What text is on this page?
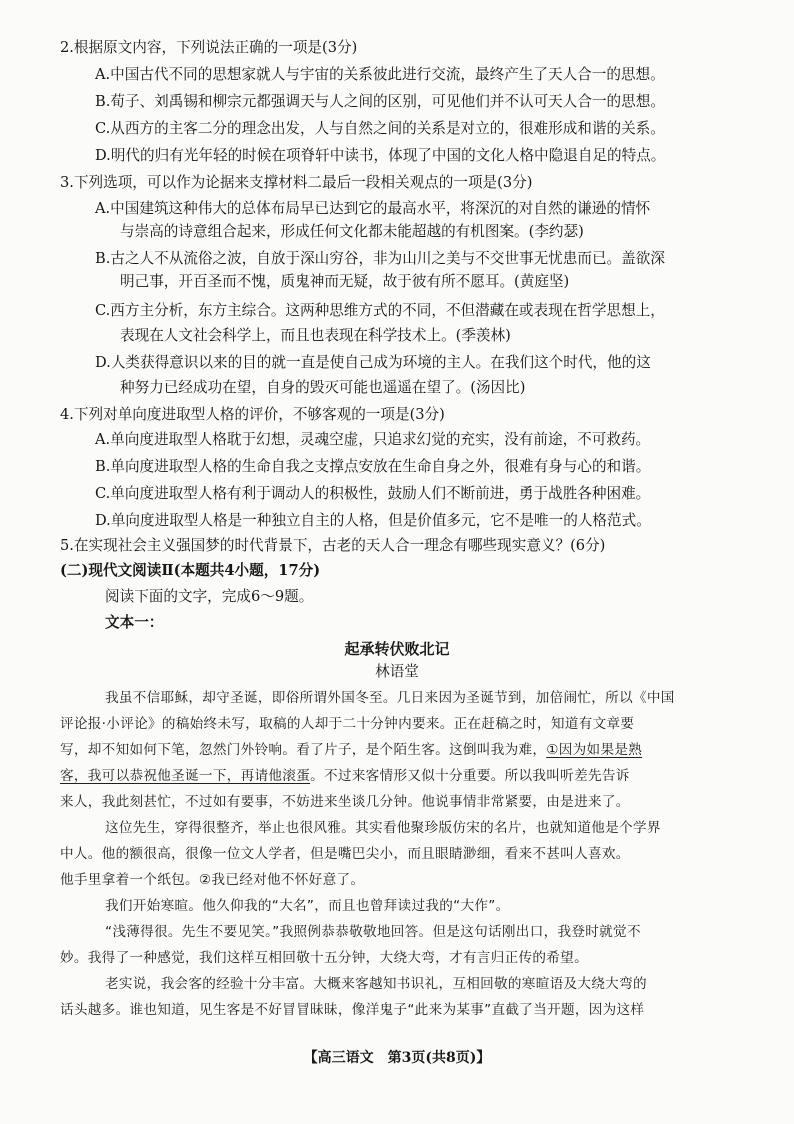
2.根据原文内容，下列说法正确的一项是(3分)
A.中国古代不同的思想家就人与宇宙的关系彼此进行交流，最终产生了天人合一的思想。
B.荀子、刘禹锡和柳宗元都强调天与人之间的区别，可见他们并不认可天人合一的思想。
C.从西方的主客二分的理念出发，人与自然之间的关系是对立的，很难形成和谐的关系。
D.明代的归有光年轻的时候在项脊轩中读书，体现了中国的文化人格中隐退自足的特点。
3.下列选项，可以作为论据来支撑材料二最后一段相关观点的一项是(3分)
A.中国建筑这种伟大的总体布局早已达到它的最高水平，将深沉的对自然的谦逊的情怀
与崇高的诗意组合起来，形成任何文化都未能超越的有机图案。(李约瑟)
B.古之人不从流俗之波，自放于深山穷谷，非为山川之美与不交世事无忧患而已。盖欲深
明己事，开百圣而不愧，质鬼神而无疑，故于彼有所不愿耳。(黄庭坚)
C.西方主分析，东方主综合。这两种思维方式的不同，不但潜藏在或表现在哲学思想上，
表现在人文社会科学上，而且也表现在科学技术上。(季羡林)
D.人类获得意识以来的目的就一直是使自己成为环境的主人。在我们这个时代，他的这
种努力已经成功在望，自身的毁灭可能也遥遥在望了。(汤因比)
4.下列对单向度进取型人格的评价，不够客观的一项是(3分)
A.单向度进取型人格耽于幻想，灵魂空虚，只追求幻觉的充实，没有前途，不可救药。
B.单向度进取型人格的生命自我之支撑点安放在生命自身之外，很难有身与心的和谐。
C.单向度进取型人格有利于调动人的积极性，鼓励人们不断前进，勇于战胜各种困难。
D.单向度进取型人格是一种独立自主的人格，但是价值多元，它不是唯一的人格范式。
5.在实现社会主义强国梦的时代背景下，古老的天人合一理念有哪些现实意义？(6分)
(二)现代文阅读Ⅱ(本题共4小题，17分)
阅读下面的文字，完成6～9题。
文本一：
起承转伏败北记
林语堂
我虽不信耶稣，却守圣诞，即俗所谓外国冬至。几日来因为圣诞节到，加倍闹忙，所以《中国
评论报·小评论》的稿始终未写，取稿的人却于二十分钟内要来。正在赶稿之时，知道有文章要
写，却不知如何下笔，忽然门外铃响。看了片子，是个陌生客。这倒叫我为难，①因为如果是熟
客，我可以恭祝他圣诞一下，再请他滚蛋。不过来客情形又似十分重要。所以我叫听差先告诉
来人，我此刻甚忙，不过如有要事，不妨进来坐谈几分钟。他说事情非常紧要，由是进来了。
这位先生，穿得很整齐，举止也很风雅。其实看他聚珍版仿宋的名片，也就知道他是个学界
中人。他的额很高，很像一位文人学者，但是嘴巴尖小，而且眼睛渺细，看来不甚叫人喜欢。
他手里拿着一个纸包。②我已经对他不怀好意了。
我们开始寒暄。他久仰我的“大名”，而且也曾拜读过我的“大作”。
“浅薄得很。先生不要见笑。”我照例恭恭敬敬地回答。但是这句话刚出口，我登时就觉不
妙。我得了一种感觉，我们这样互相回敬十五分钟，大绕大弯，才有言归正传的希望。
老实说，我会客的经验十分丰富。大概来客越知书识礼，互相回敬的寒暄语及大绕大弯的
话头越多。谁也知道，见生客是不好冒冒昧昧，像洋鬼子“此来为某事”直截了当开题，因为这样
【高三语文　第3页(共8页)】
